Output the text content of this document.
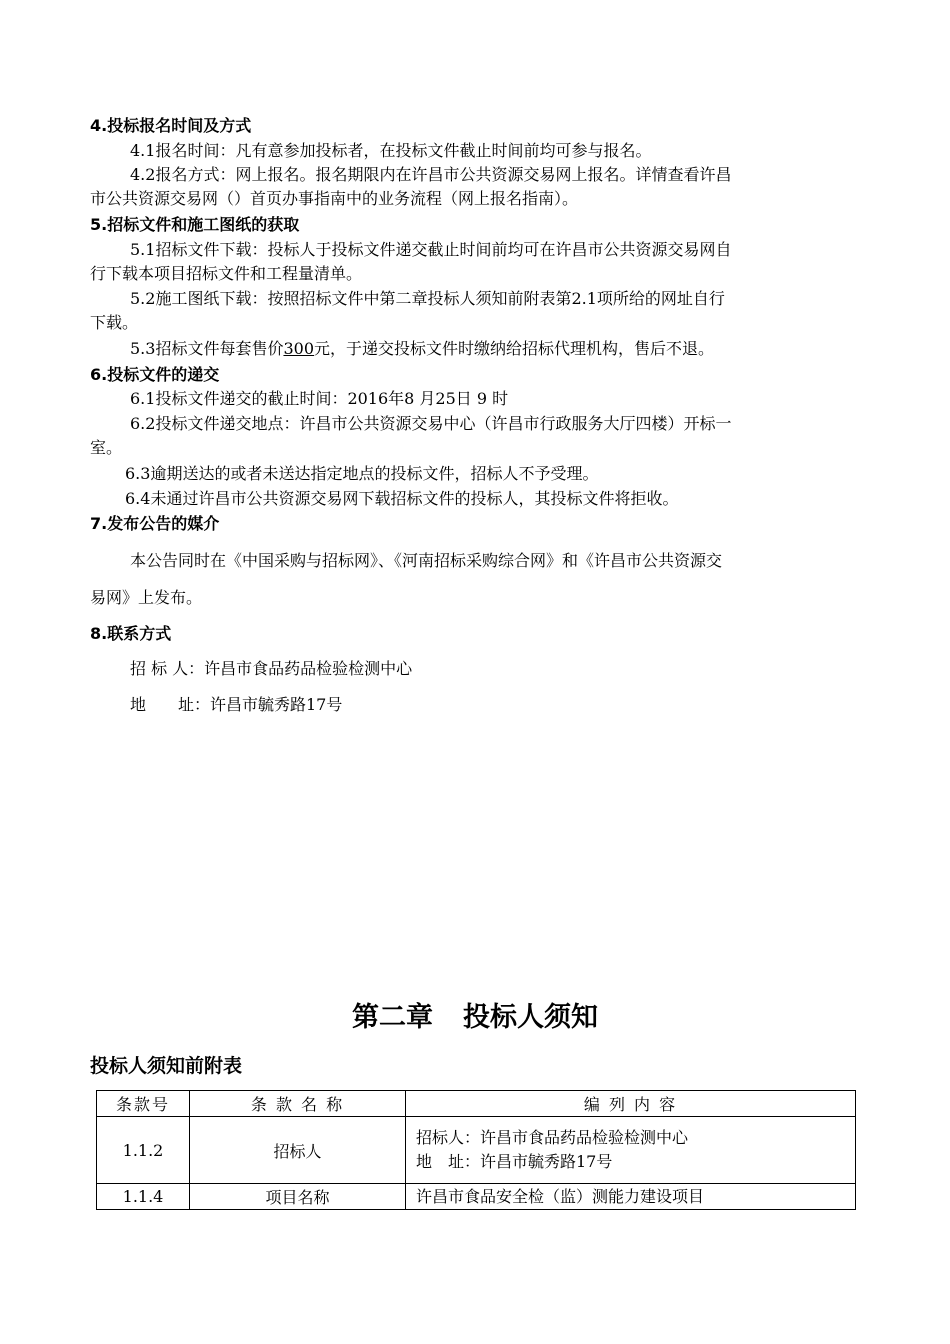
4.投标报名时间及方式
4.1报名时间：凡有意参加投标者，在投标文件截止时间前均可参与报名。
4.2报名方式：网上报名。报名期限内在许昌市公共资源交易网上报名。详情查看许昌
市公共资源交易网（）首页办事指南中的业务流程（网上报名指南）。
5.招标文件和施工图纸的获取
5.1招标文件下载：投标人于投标文件递交截止时间前均可在许昌市公共资源交易网自
行下载本项目招标文件和工程量清单。
5.2施工图纸下载：按照招标文件中第二章投标人须知前附表第2.1项所给的网址自行
下载。
5.3招标文件每套售价300元，于递交投标文件时缴纳给招标代理机构，售后不退。
6.投标文件的递交
6.1投标文件递交的截止时间：2016年8 月25日 9 时
6.2投标文件递交地点：许昌市公共资源交易中心（许昌市行政服务大厅四楼）开标一
室。
6.3逾期送达的或者未送达指定地点的投标文件，招标人不予受理。
6.4未通过许昌市公共资源交易网下载招标文件的投标人，其投标文件将拒收。
7.发布公告的媒介
本公告同时在《中国采购与招标网》、《河南招标采购综合网》和《许昌市公共资源交
易网》上发布。
8.联系方式
招 标 人：许昌市食品药品检验检测中心
地　　址：许昌市毓秀路17号
第二章 投标人须知
投标人须知前附表
条款号	条 款 名 称	编 列 内 容
1.1.2	招标人	招标人：许昌市食品药品检验检测中心
地　址：许昌市毓秀路17号

1.1.4	项目名称	许昌市食品安全检（监）测能力建设项目
